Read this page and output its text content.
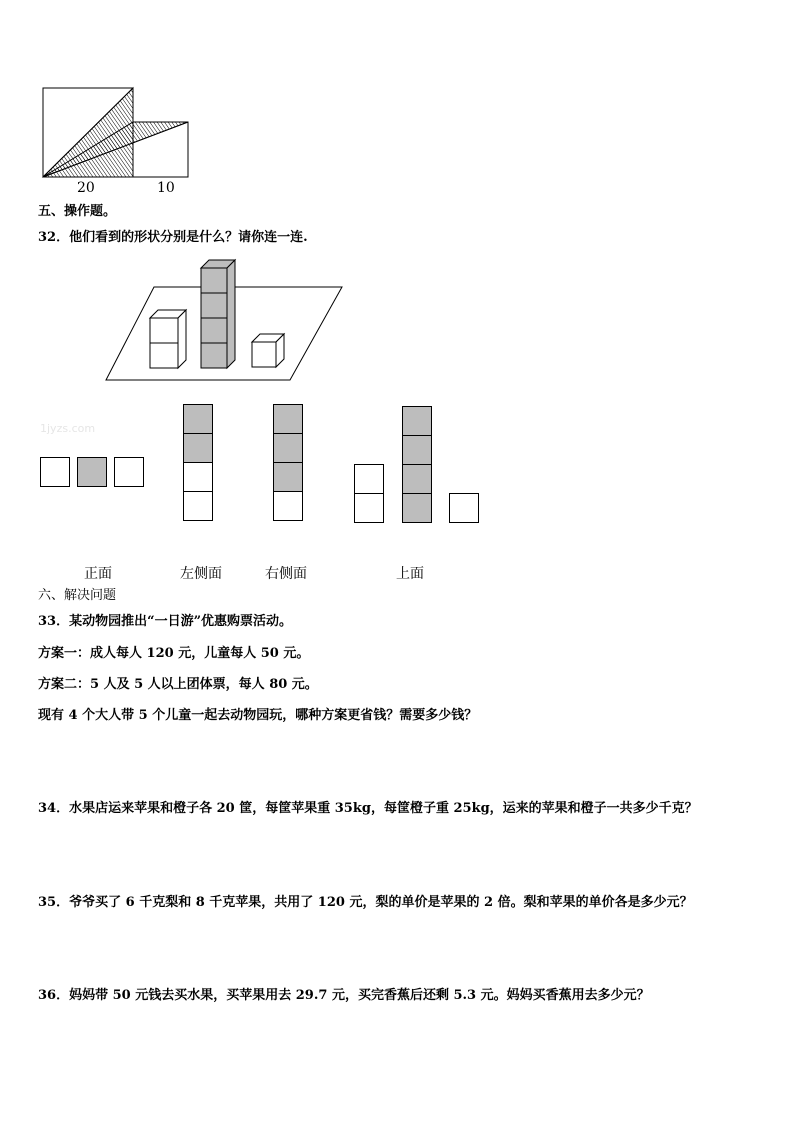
20	10
五、操作题。
32．他们看到的形状分别是什么？请你连一连.
1jyzs.com
正面	左侧面	右侧面	上面
六、解决问题
33．某动物园推出“一日游”优惠购票活动。
方案一：成人每人 120 元，儿童每人 50 元。
方案二：5 人及 5 人以上团体票，每人 80 元。
现有 4 个大人带 5 个儿童一起去动物园玩，哪种方案更省钱？需要多少钱？
34．水果店运来苹果和橙子各 20 筐，每筐苹果重 35kg，每筐橙子重 25kg，运来的苹果和橙子一共多少千克？
35．爷爷买了 6 千克梨和 8 千克苹果，共用了 120 元，梨的单价是苹果的 2 倍。梨和苹果的单价各是多少元？
36．妈妈带 50 元钱去买水果，买苹果用去 29.7 元，买完香蕉后还剩 5.3 元。妈妈买香蕉用去多少元？
